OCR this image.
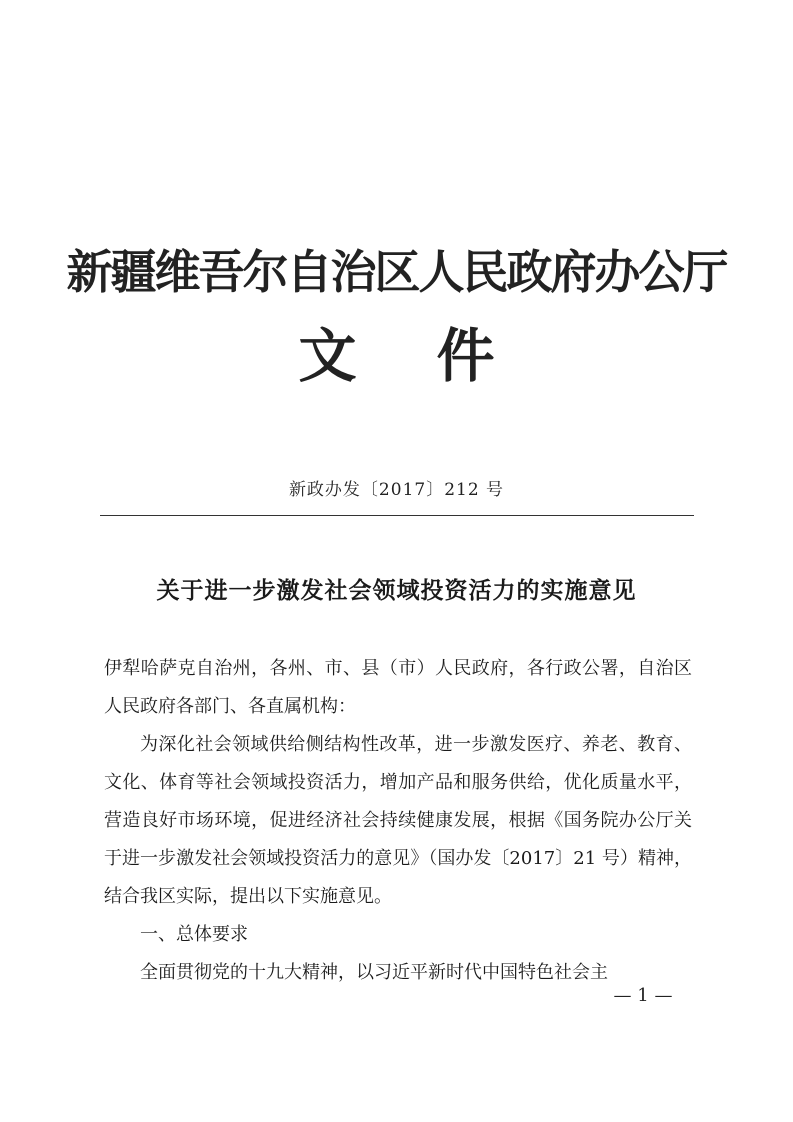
新疆维吾尔自治区人民政府办公厅
文 件
新政办发〔2017〕212 号
关于进一步激发社会领域投资活力的实施意见

伊犁哈萨克自治州，各州、市、县（市）人民政府，各行政公署，自治区人民政府各部门、各直属机构：

为深化社会领域供给侧结构性改革，进一步激发医疗、养老、教育、文化、体育等社会领域投资活力，增加产品和服务供给，优化质量水平，营造良好市场环境，促进经济社会持续健康发展，根据《国务院办公厅关于进一步激发社会领域投资活力的意见》（国办发〔2017〕21 号）精神，结合我区实际，提出以下实施意见。

一、总体要求

全面贯彻党的十九大精神，以习近平新时代中国特色社会主

— 1 —
